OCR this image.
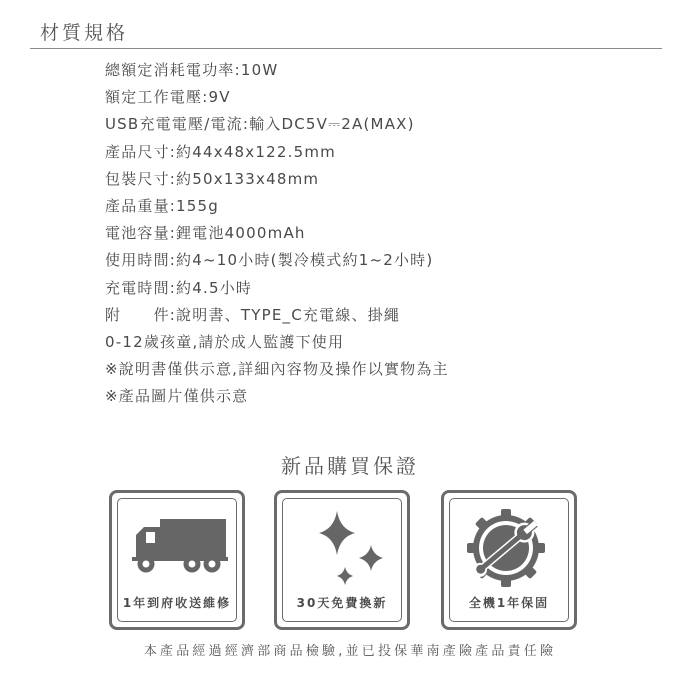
材質規格
總額定消耗電功率:10W
額定工作電壓:9V
USB充電電壓/電流:輸入DC5V⎓2A(MAX)
產品尺寸:約44x48x122.5mm
包裝尺寸:約50x133x48mm
產品重量:155g
電池容量:鋰電池4000mAh
使用時間:約4~10小時(製冷模式約1~2小時)
充電時間:約4.5小時
附　　件:說明書、TYPE_C充電線、掛繩
0-12歲孩童,請於成人監護下使用
※說明書僅供示意,詳細內容物及操作以實物為主
※產品圖片僅供示意
新品購買保證
1年到府收送維修	30天免費換新	全機1年保固
本產品經過經濟部商品檢驗,並已投保華南產險產品責任險
